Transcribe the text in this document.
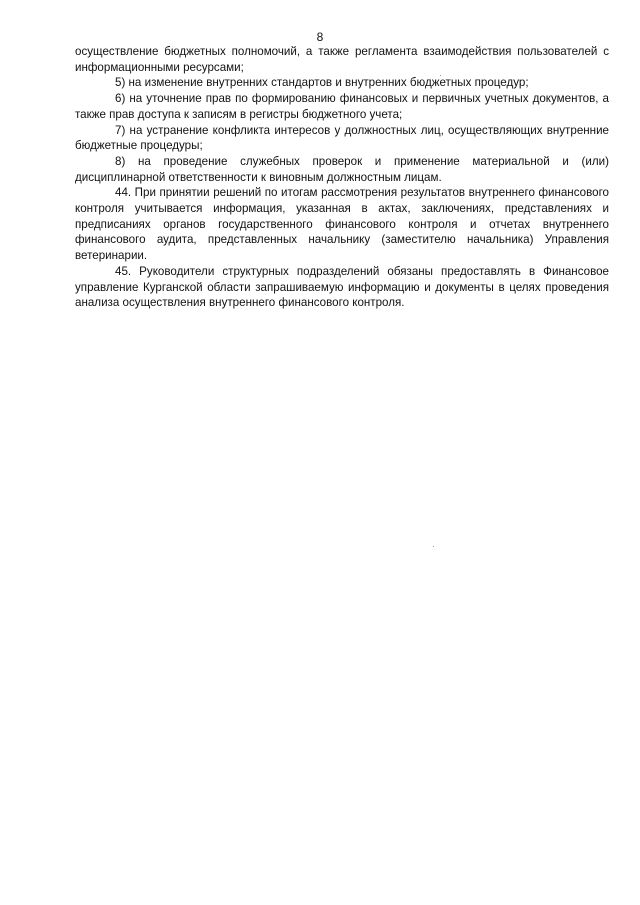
8

осуществление бюджетных полномочий, а также регламента взаимодействия пользователей с информационными ресурсами;

5) на изменение внутренних стандартов и внутренних бюджетных процедур;

6) на уточнение прав по формированию финансовых и первичных учетных документов, а также прав доступа к записям в регистры бюджетного учета;

7) на устранение конфликта интересов у должностных лиц, осуществляющих внутренние бюджетные процедуры;

8) на проведение служебных проверок и применение материальной и (или) дисциплинарной ответственности к виновным должностным лицам.

44. При принятии решений по итогам рассмотрения результатов внутреннего финансового контроля учитывается информация, указанная в актах, заключениях, представлениях и предписаниях органов государственного финансового контроля и отчетах внутреннего финансового аудита, представленных начальнику (заместителю начальника) Управления ветеринарии.

45. Руководители структурных подразделений обязаны предоставлять в Финансовое управление Курганской области запрашиваемую информацию и документы в целях проведения анализа осуществления внутреннего финансового контроля.
